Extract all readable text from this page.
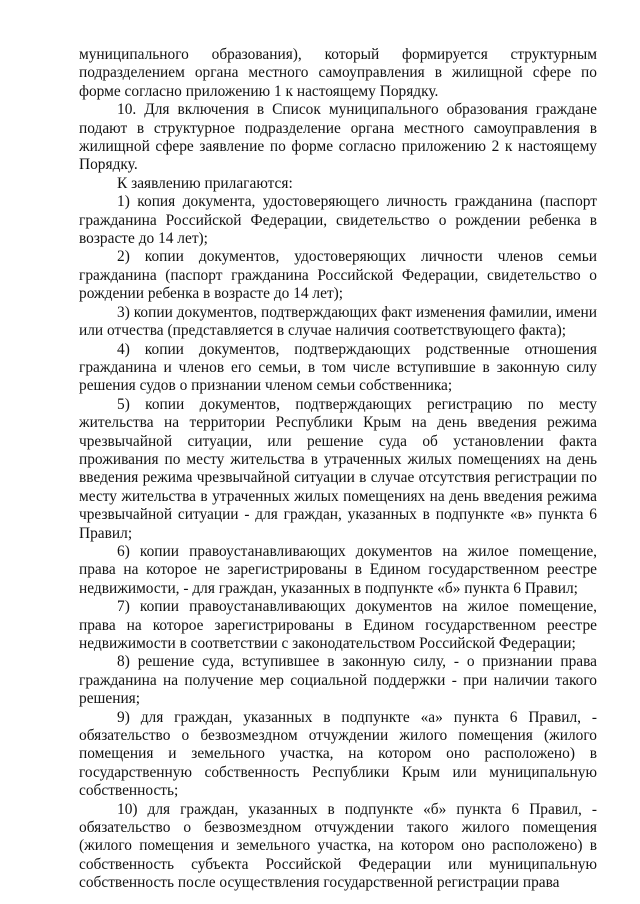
муниципального образования), который формируется структурным подразделением органа местного самоуправления в жилищной сфере по форме согласно приложению 1 к настоящему Порядку.

10. Для включения в Список муниципального образования граждане подают в структурное подразделение органа местного самоуправления в жилищной сфере заявление по форме согласно приложению 2 к настоящему Порядку.

К заявлению прилагаются:

1) копия документа, удостоверяющего личность гражданина (паспорт гражданина Российской Федерации, свидетельство о рождении ребенка в возрасте до 14 лет);

2) копии документов, удостоверяющих личности членов семьи гражданина (паспорт гражданина Российской Федерации, свидетельство о рождении ребенка в возрасте до 14 лет);

3) копии документов, подтверждающих факт изменения фамилии, имени или отчества (представляется в случае наличия соответствующего факта);

4) копии документов, подтверждающих родственные отношения гражданина и членов его семьи, в том числе вступившие в законную силу решения судов о признании членом семьи собственника;

5) копии документов, подтверждающих регистрацию по месту жительства на территории Республики Крым на день введения режима чрезвычайной ситуации, или решение суда об установлении факта проживания по месту жительства в утраченных жилых помещениях на день введения режима чрезвычайной ситуации в случае отсутствия регистрации по месту жительства в утраченных жилых помещениях на день введения режима чрезвычайной ситуации - для граждан, указанных в подпункте «в» пункта 6 Правил;

6) копии правоустанавливающих документов на жилое помещение, права на которое не зарегистрированы в Едином государственном реестре недвижимости, - для граждан, указанных в подпункте «б» пункта 6 Правил;

7) копии правоустанавливающих документов на жилое помещение, права на которое зарегистрированы в Едином государственном реестре недвижимости в соответствии с законодательством Российской Федерации;

8) решение суда, вступившее в законную силу, - о признании права гражданина на получение мер социальной поддержки - при наличии такого решения;

9) для граждан, указанных в подпункте «а» пункта 6 Правил, - обязательство о безвозмездном отчуждении жилого помещения (жилого помещения и земельного участка, на котором оно расположено) в государственную собственность Республики Крым или муниципальную собственность;

10) для граждан, указанных в подпункте «б» пункта 6 Правил, - обязательство о безвозмездном отчуждении такого жилого помещения (жилого помещения и земельного участка, на котором оно расположено) в собственность субъекта Российской Федерации или муниципальную собственность после осуществления государственной регистрации права
